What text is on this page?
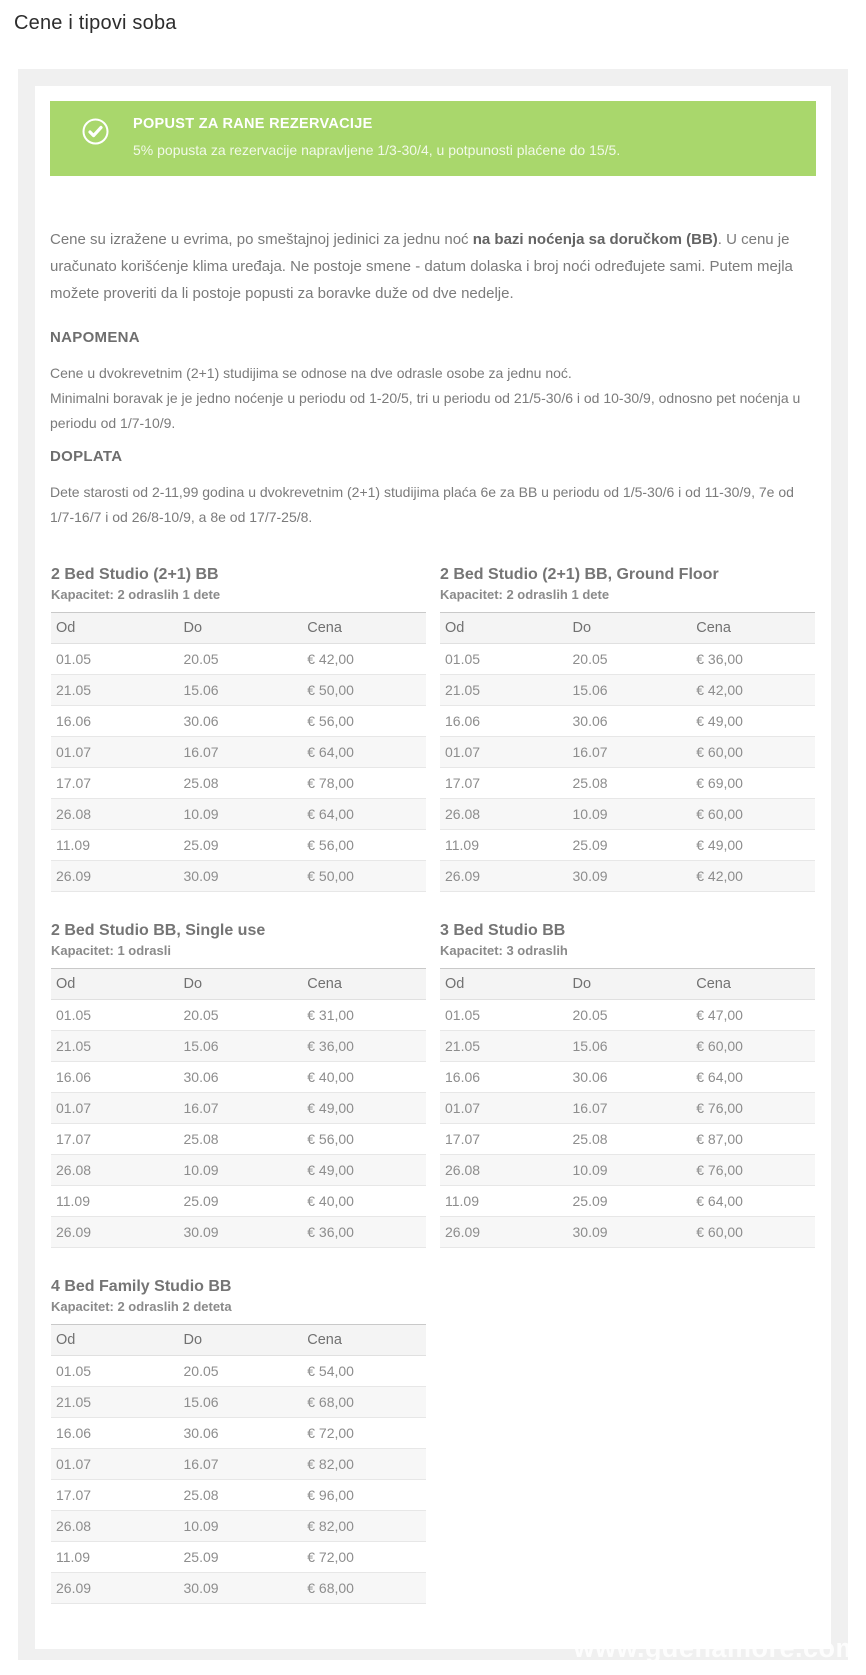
Cene i tipovi soba
POPUST ZA RANE REZERVACIJE
5% popusta za rezervacije napravljene 1/3-30/4, u potpunosti plaćene do 15/5.

Cene su izražene u evrima, po smeštajnoj jedinici za jednu noć na bazi noćenja sa doručkom (BB). U cenu je uračunato korišćenje klima uređaja. Ne postoje smene - datum dolaska i broj noći određujete sami. Putem mejla možete proveriti da li postoje popusti za boravke duže od dve nedelje.

NAPOMENA

Cene u dvokrevetnim (2+1) studijima se odnose na dve odrasle osobe za jednu noć.
Minimalni boravak je je jedno noćenje u periodu od 1-20/5, tri u periodu od 21/5-30/6 i od 10-30/9, odnosno pet noćenja u periodu od 1/7-10/9.

DOPLATA

Dete starosti od 2-11,99 godina u dvokrevetnim (2+1) studijima plaća 6e za BB u periodu od 1/5-30/6 i od 11-30/9, 7e od 1/7-16/7 i od 26/8-10/9, a 8e od 17/7-25/8.

2 Bed Studio (2+1) BB
Kapacitet: 2 odraslih 1 dete
Od	Do	Cena
01.05	20.05	€ 42,00
21.05	15.06	€ 50,00
16.06	30.06	€ 56,00
01.07	16.07	€ 64,00
17.07	25.08	€ 78,00
26.08	10.09	€ 64,00
11.09	25.09	€ 56,00
26.09	30.09	€ 50,00
2 Bed Studio (2+1) BB, Ground Floor
Kapacitet: 2 odraslih 1 dete
Od	Do	Cena
01.05	20.05	€ 36,00
21.05	15.06	€ 42,00
16.06	30.06	€ 49,00
01.07	16.07	€ 60,00
17.07	25.08	€ 69,00
26.08	10.09	€ 60,00
11.09	25.09	€ 49,00
26.09	30.09	€ 42,00
2 Bed Studio BB, Single use
Kapacitet: 1 odrasli
Od	Do	Cena
01.05	20.05	€ 31,00
21.05	15.06	€ 36,00
16.06	30.06	€ 40,00
01.07	16.07	€ 49,00
17.07	25.08	€ 56,00
26.08	10.09	€ 49,00
11.09	25.09	€ 40,00
26.09	30.09	€ 36,00
3 Bed Studio BB
Kapacitet: 3 odraslih
Od	Do	Cena
01.05	20.05	€ 47,00
21.05	15.06	€ 60,00
16.06	30.06	€ 64,00
01.07	16.07	€ 76,00
17.07	25.08	€ 87,00
26.08	10.09	€ 76,00
11.09	25.09	€ 64,00
26.09	30.09	€ 60,00
4 Bed Family Studio BB
Kapacitet: 2 odraslih 2 deteta
Od	Do	Cena
01.05	20.05	€ 54,00
21.05	15.06	€ 68,00
16.06	30.06	€ 72,00
01.07	16.07	€ 82,00
17.07	25.08	€ 96,00
26.08	10.09	€ 82,00
11.09	25.09	€ 72,00
26.09	30.09	€ 68,00
www.gdenamore.com
